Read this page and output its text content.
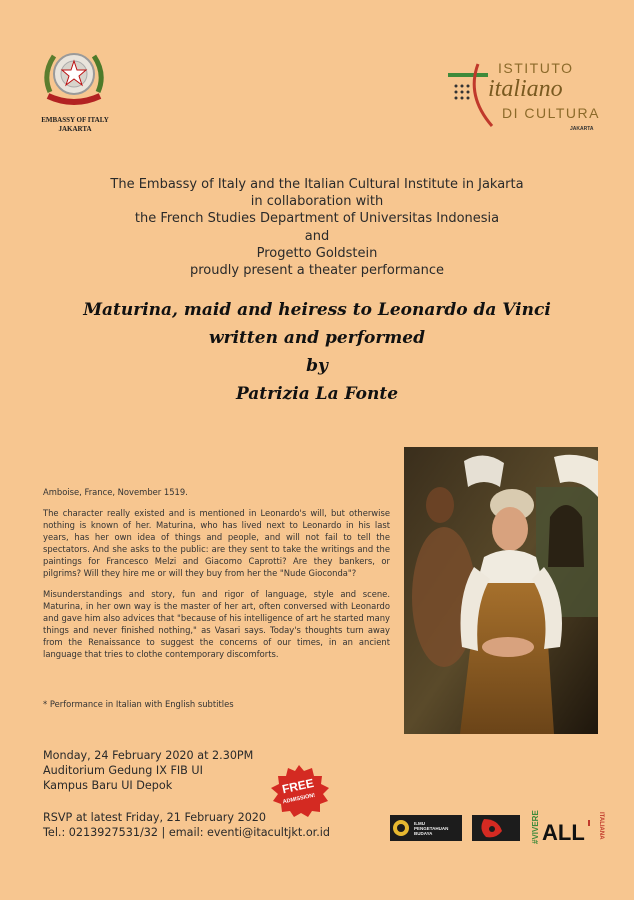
EMBASSY OF ITALY
JAKARTA
ISTITUTO
italiano
DI CULTURA
JAKARTA
The Embassy of Italy and the Italian Cultural Institute in Jakarta
in collaboration with
the French Studies Department of Universitas Indonesia
and
Progetto Goldstein
proudly present a theater performance
Maturina, maid and heiress to Leonardo da Vinci
written and performed
by
Patrizia La Fonte

Amboise, France, November 1519.

The character really existed and is mentioned in Leonardo's will, but otherwise nothing is known of her. Maturina, who has lived next to Leonardo in his last years, has her own idea of things and people, and will not fail to tell the spectators. And she asks to the public: are they sent to take the writings and the paintings for Francesco Melzi and Giacomo Caprotti? Are they bankers, or pilgrims? Will they hire me or will they buy from her the "Nude Gioconda"?

Misunderstandings and story, fun and rigor of language, style and scene. Maturina, in her own way is the master of her art, often conversed with Leonardo and gave him also advices that "because of his intelligence of art he started many things and never finished nothing," as Vasari says. Today's thoughts turn away from the Renaissance to suggest the concerns of our times, in an ancient language that tries to clothe contemporary discomforts.

* Performance in Italian with English subtitles
Monday, 24 February 2020 at 2.30PM
Auditorium Gedung IX FIB UI
Kampus Baru UI Depok
RSVP at latest Friday, 21 February 2020
Tel.: 0213927531/32 | email: eventi@itacultjkt.or.id
FREE
ADMISSION!
ILMU
PENGETAHUAN
BUDAYA	#VIVERE ALL ITALIANA
